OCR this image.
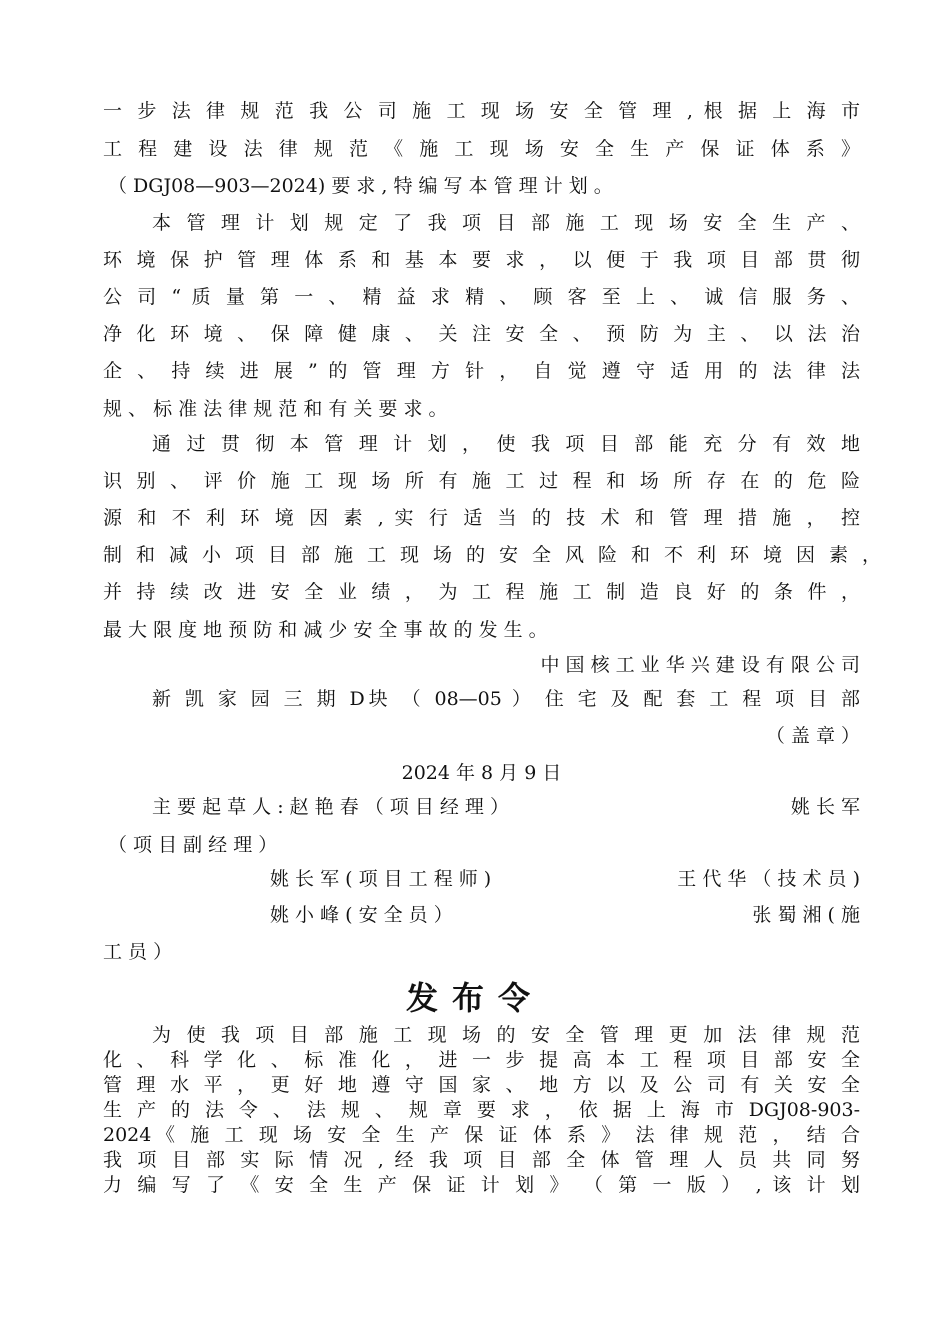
一 步 法 律 规 范 我 公 司 施 工 现 场 安 全 管 理 , 根 据 上 海 市
工 程 建 设 法 律 规 范 《 施 工 现 场 安 全 生 产 保 证 体 系 》
（ DGJ08—903—2024) 要 求 , 特 编 写 本 管 理 计 划 。
本 管 理 计 划 规 定 了 我 项 目 部 施 工 现 场 安 全 生 产 、
环 境 保 护 管 理 体 系 和 基 本 要 求 ， 以 便 于 我 项 目 部 贯 彻
公 司 “ 质 量 第 一 、 精 益 求 精 、 顾 客 至 上 、 诚 信 服 务 、
净 化 环 境 、 保 障 健 康 、 关 注 安 全 、 预 防 为 主 、 以 法 治
企 、 持 续 进 展 ” 的 管 理 方 针 ， 自 觉 遵 守 适 用 的 法 律 法
规 、 标 准 法 律 规 范 和 有 关 要 求 。
通 过 贯 彻 本 管 理 计 划 ， 使 我 项 目 部 能 充 分 有 效 地
识 别 、 评 价 施 工 现 场 所 有 施 工 过 程 和 场 所 存 在 的 危 险
源 和 不 利 环 境 因 素 , 实 行 适 当 的 技 术 和 管 理 措 施 ， 控
制 和 减 小 项 目 部 施 工 现 场 的 安 全 风 险 和 不 利 环 境 因 素 ，
并 持 续 改 进 安 全 业 绩 ， 为 工 程 施 工 制 造 良 好 的 条 件 ，
最 大 限 度 地 预 防 和 减 少 安 全 事 故 的 发 生 。
中 国 核 工 业 华 兴 建 设 有 限 公 司
新 凯 家 园 三 期 D块 （ 08—05 ） 住 宅 及 配 套 工 程 项 目 部
（ 盖 章 ）
2024 年 8 月 9 日
主 要 起 草 人 : 赵 艳 春 （ 项 目 经 理 ）	姚 长 军
（ 项 目 副 经 理 ）
姚 长 军 ( 项 目 工 程 师 )	王 代 华 （ 技 术 员 )
姚 小 峰 ( 安 全 员 ）	张 蜀 湘 ( 施
工 员 ）
发布令
为 使 我 项 目 部 施 工 现 场 的 安 全 管 理 更 加 法 律 规 范
化 、 科 学 化 、 标 准 化 ， 进 一 步 提 高 本 工 程 项 目 部 安 全
管 理 水 平 ， 更 好 地 遵 守 国 家 、 地 方 以 及 公 司 有 关 安 全
生 产 的 法 令 、 法 规 、 规 章 要 求 ， 依 据 上 海 市 DGJ08-903-
2024《 施 工 现 场 安 全 生 产 保 证 体 系 》 法 律 规 范 ， 结 合
我 项 目 部 实 际 情 况 , 经 我 项 目 部 全 体 管 理 人 员 共 同 努
力 编 写 了 《 安 全 生 产 保 证 计 划 》 （ 第 一 版 ） , 该 计 划
